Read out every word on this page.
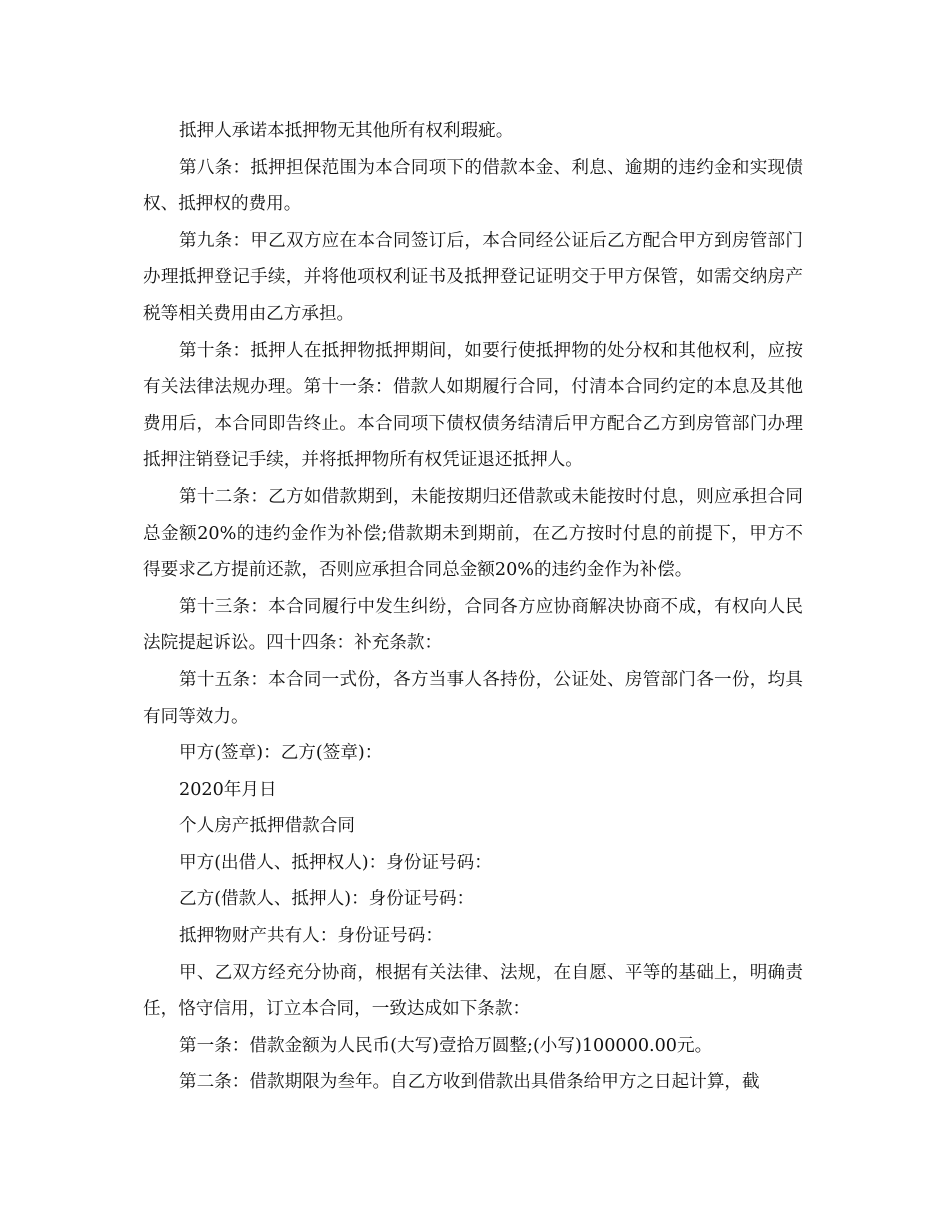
抵押人承诺本抵押物无其他所有权利瑕疵。

第八条：抵押担保范围为本合同项下的借款本金、利息、逾期的违约金和实现债权、抵押权的费用。

第九条：甲乙双方应在本合同签订后，本合同经公证后乙方配合甲方到房管部门办理抵押登记手续，并将他项权利证书及抵押登记证明交于甲方保管，如需交纳房产税等相关费用由乙方承担。

第十条：抵押人在抵押物抵押期间，如要行使抵押物的处分权和其他权利，应按有关法律法规办理。第十一条：借款人如期履行合同，付清本合同约定的本息及其他费用后，本合同即告终止。本合同项下债权债务结清后甲方配合乙方到房管部门办理抵押注销登记手续，并将抵押物所有权凭证退还抵押人。

第十二条：乙方如借款期到，未能按期归还借款或未能按时付息，则应承担合同总金额20%的违约金作为补偿;借款期未到期前，在乙方按时付息的前提下，甲方不得要求乙方提前还款，否则应承担合同总金额20%的违约金作为补偿。

第十三条：本合同履行中发生纠纷，合同各方应协商解决协商不成，有权向人民法院提起诉讼。四十四条：补充条款：

第十五条：本合同一式份，各方当事人各持份，公证处、房管部门各一份，均具有同等效力。

甲方(签章)：乙方(签章)：

2020年月日

个人房产抵押借款合同

甲方(出借人、抵押权人)：身份证号码：

乙方(借款人、抵押人)：身份证号码：

抵押物财产共有人：身份证号码：

甲、乙双方经充分协商，根据有关法律、法规，在自愿、平等的基础上，明确责任，恪守信用，订立本合同，一致达成如下条款：

第一条：借款金额为人民币(大写)壹拾万圆整;(小写)100000.00元。

第二条：借款期限为叁年。自乙方收到借款出具借条给甲方之日起计算，截
